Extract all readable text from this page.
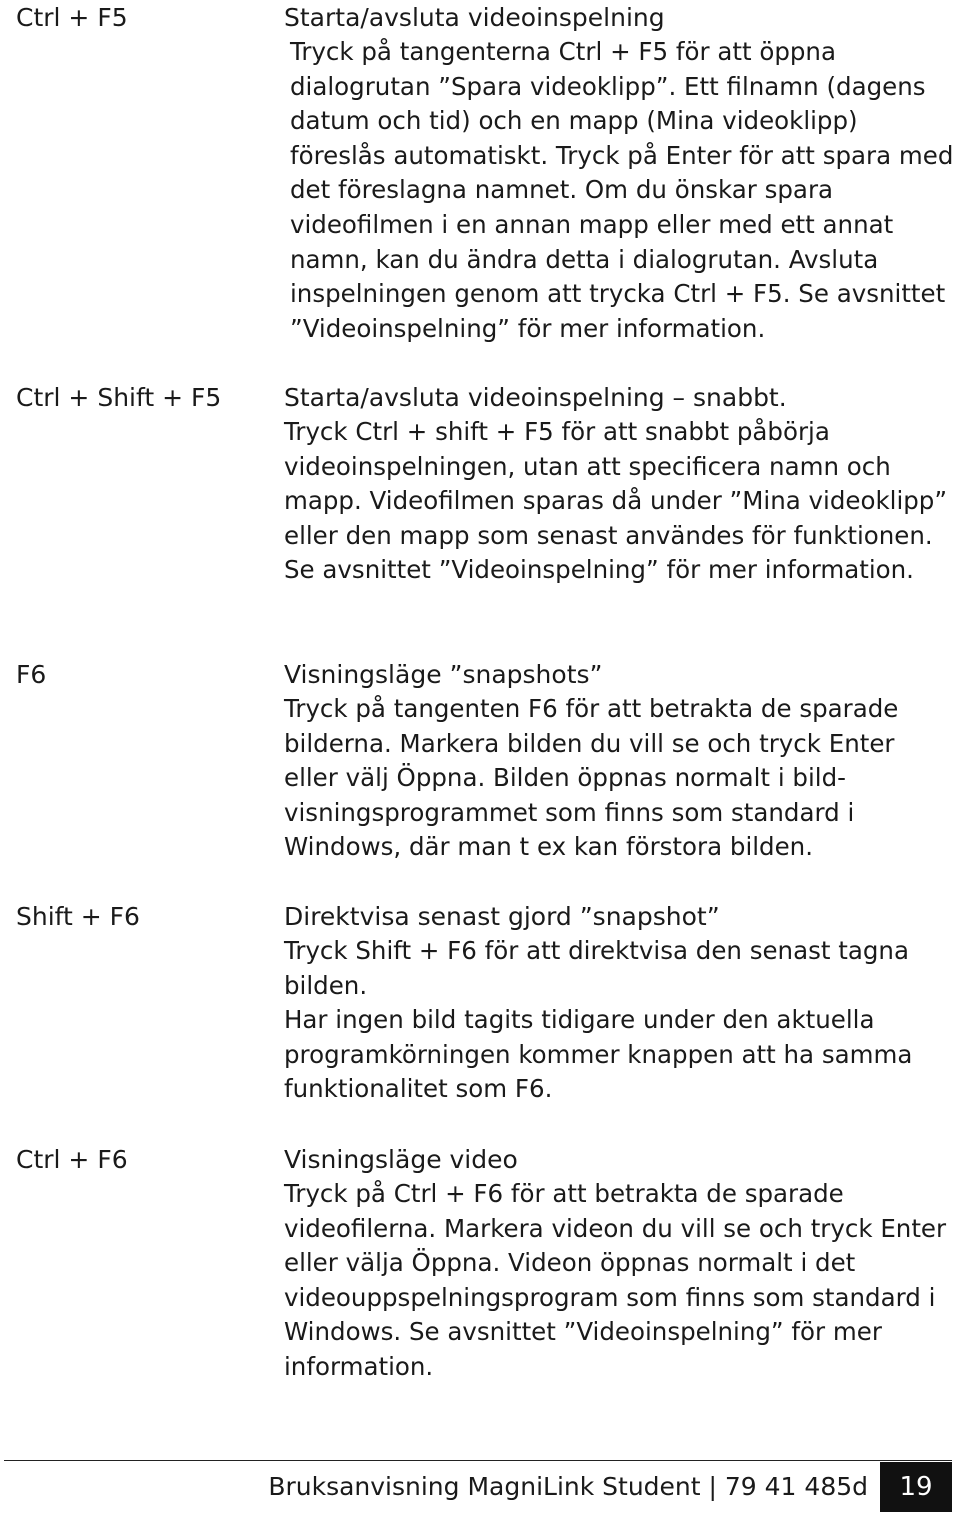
Ctrl + F5	Starta/avsluta videoinspelning

Tryck på tangenterna Ctrl + F5 för att öppna dialogrutan ”Spara videoklipp”. Ett filnamn (dagens datum och tid) och en mapp (Mina videoklipp) föreslås automatiskt. Tryck på Enter för att spara med det föreslagna namnet. Om du önskar spara videofilmen i en annan mapp eller med ett annat namn, kan du ändra detta i dialogrutan. Avsluta inspelningen genom att trycka Ctrl + F5. Se avsnittet ”Videoinspelning” för mer information.

Ctrl + Shift + F5	Starta/avsluta videoinspelning – snabbt.

Tryck Ctrl + shift + F5 för att snabbt påbörja videoinspelningen, utan att specificera namn och mapp. Videofilmen sparas då under ”Mina videoklipp” eller den mapp som senast användes för funktionen. Se avsnittet ”Videoinspelning” för mer information.

F6	Visningsläge ”snapshots”

Tryck på tangenten F6 för att betrakta de sparade bilderna. Markera bilden du vill se och tryck Enter eller välj Öppna. Bilden öppnas normalt i bild-visningsprogrammet som finns som standard i Windows, där man t ex kan förstora bilden.

Shift + F6	Direktvisa senast gjord ”snapshot”

Tryck Shift + F6 för att direktvisa den senast tagna bilden.

Har ingen bild tagits tidigare under den aktuella programkörningen kommer knappen att ha samma funktionalitet som F6.

Ctrl + F6	Visningsläge video

Tryck på Ctrl + F6 för att betrakta de sparade videofilerna. Markera videon du vill se och tryck Enter eller välja Öppna. Videon öppnas normalt i det videouppspelningsprogram som finns som standard i Windows. Se avsnittet ”Videoinspelning” för mer information.

Bruksanvisning MagniLink Student | 79 41 485d	19
